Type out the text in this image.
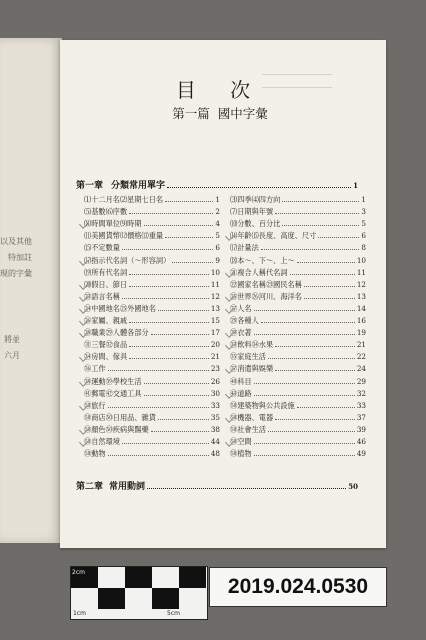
以及其他
特加註
現的字彙
將並
六月
目 次
第一篇 國中字彙
第一章 分類常用單字	1
⑴十二月名⑵星期七日名	1
⑸基數⑹序數	2
⑻時間單位⑼時期	4
⑾美國貨幣⑿價格⒀重量	5
⒂不定數量	6
⒄指示代名詞（～形容詞）	9
⒆所有代名詞	10
⒇假日、節日	11
㉓語言名稱	12
㉔中國地名㉕外國地名	13
㉖家屬、親戚	15
㉘職業㉙人體各部分	17
㉛三餐㉜食品	20
㉞房間、傢具	21
㊱工作	23
㊳運動㊴學校生活	26
㊶郵電㊷交通工具	30
㊿旅行	33
㊿商店㊿日用品、雜貨	35
㊿顏色㊿疾病與醫藥	38
㊿自然環境	44
㊿動物	48
⑶四季⑷四方向	1
⑺日期與年號	3
⑽分數、百分比	5
⒁年齡⒂長度、高度、尺寸	6
⒄計量法	8
⒅本～、下～、上～	10
㉑複合人稱代名詞	11
㉒國家名稱㉓國民名稱	12
㉕世界㉖河川、海洋名	13
㉗人名	14
㉘各種人	16
㉚衣著	19
㉝飲料㉞水果	21
㉟家庭生活	22
㊲消遣與娛樂	24
㊵科目	29
㊸道路	32
㊿建築物與公共設施	33
㊿機器、電器	37
㊿社會生活	39
㊿空間	46
㊿植物	49
第二章 常用動詞	50
2cm
1cm	5cm
2019.024.0530
